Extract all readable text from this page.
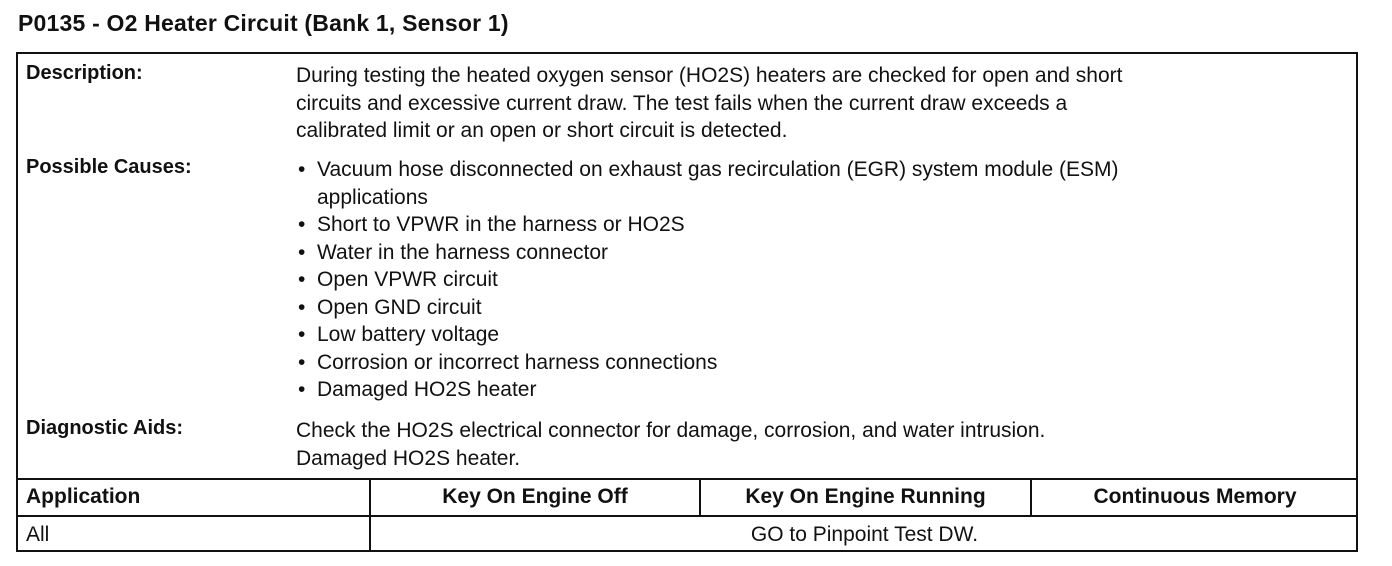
P0135 - O2 Heater Circuit (Bank 1, Sensor 1)
Description:	During testing the heated oxygen sensor (HO2S) heaters are checked for open and short

circuits and excessive current draw. The test fails when the current draw exceeds a

calibrated limit or an open or short circuit is detected.

Possible Causes:	• Vacuum hose disconnected on exhaust gas recirculation (EGR) system module (ESM)
applications
• Short to VPWR in the harness or HO2S
• Water in the harness connector
• Open VPWR circuit
• Open GND circuit
• Low battery voltage
• Corrosion or incorrect harness connections
• Damaged HO2S heater
Diagnostic Aids:	Check the HO2S electrical connector for damage, corrosion, and water intrusion.

Damaged HO2S heater.

Application	Key On Engine Off	Key On Engine Running	Continuous Memory
All	GO to Pinpoint Test DW.
